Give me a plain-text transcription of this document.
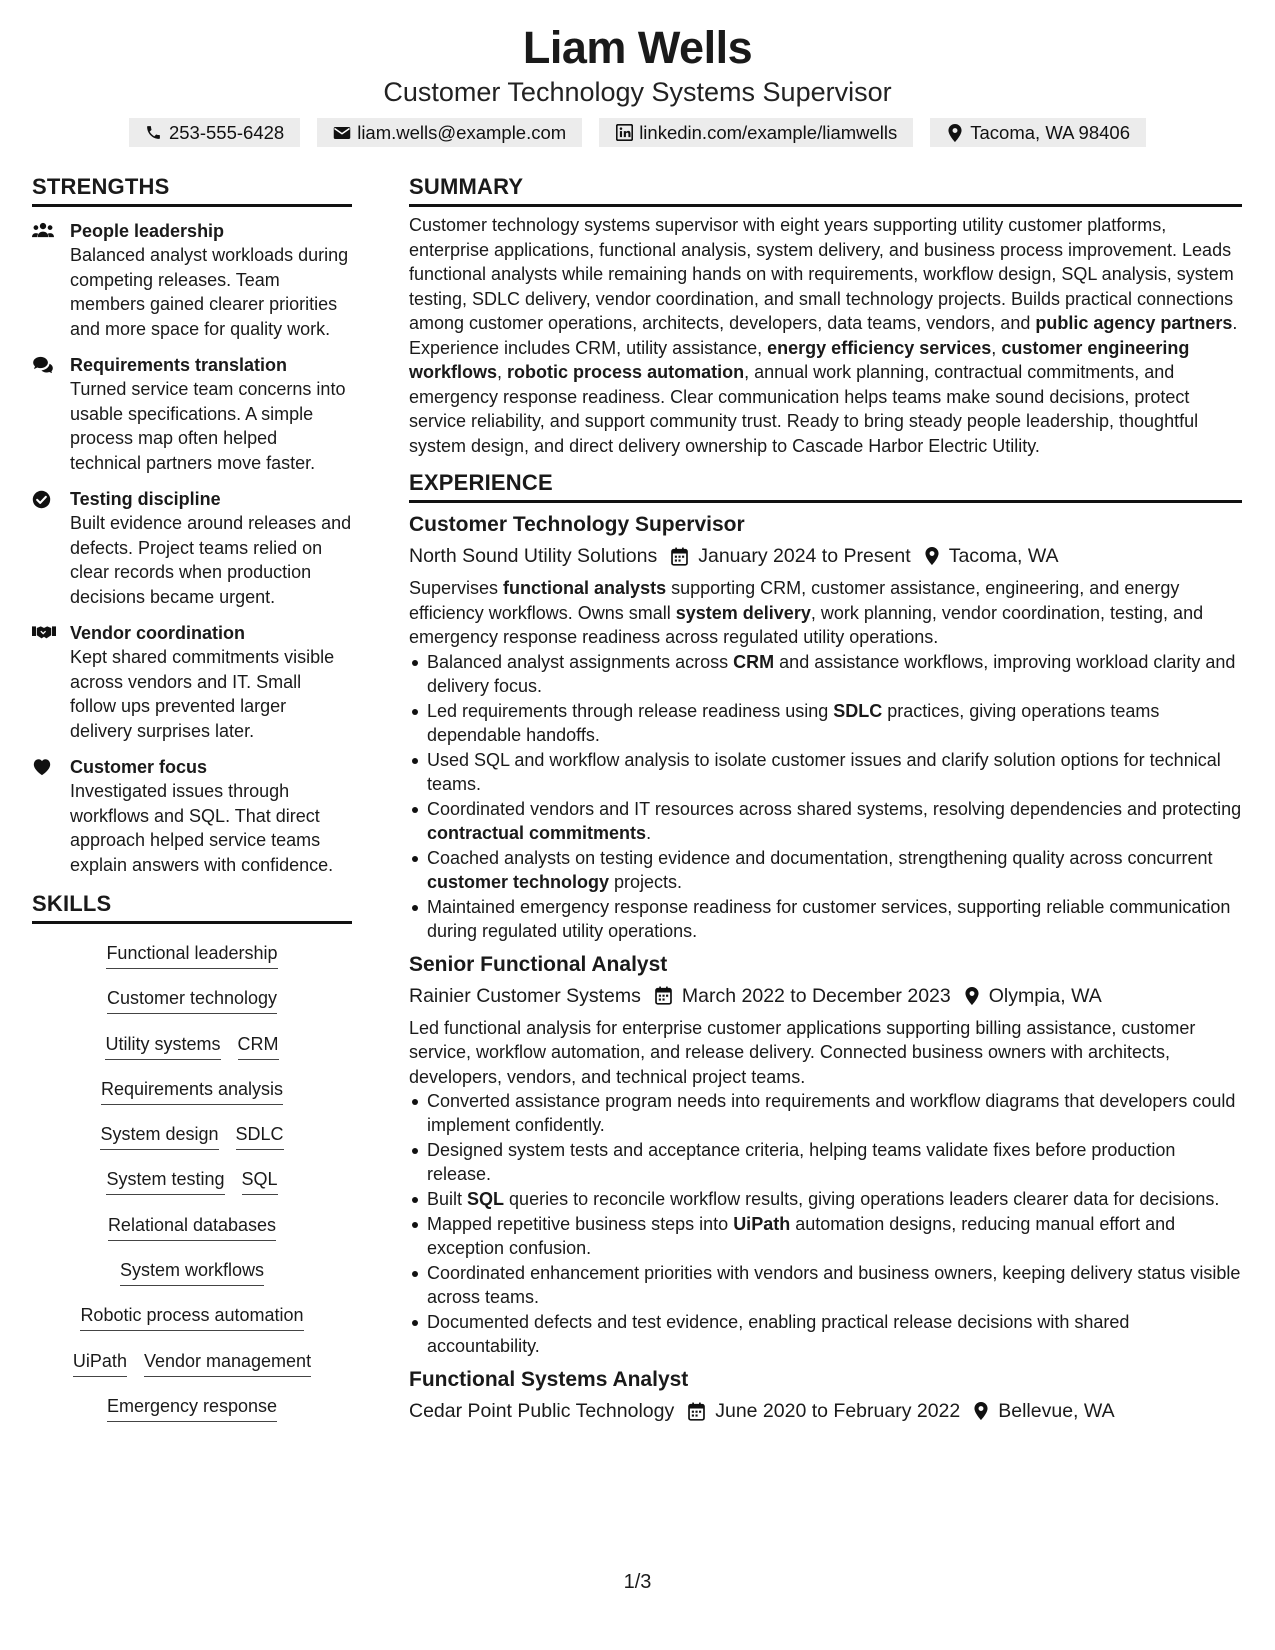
Liam Wells
Customer Technology Systems Supervisor
253-555-6428	liam.wells@example.com	linkedin.com/example/liamwells	Tacoma, WA 98406
STRENGTHS
People leadership
Balanced analyst workloads during competing releases. Team members gained clearer priorities and more space for quality work.
Requirements translation
Turned service team concerns into usable specifications. A simple process map often helped technical partners move faster.
Testing discipline
Built evidence around releases and defects. Project teams relied on clear records when production decisions became urgent.
Vendor coordination
Kept shared commitments visible across vendors and IT. Small follow ups prevented larger delivery surprises later.
Customer focus
Investigated issues through workflows and SQL. That direct approach helped service teams explain answers with confidence.
SKILLS
Functional leadership
Customer technology
Utility systems CRM
Requirements analysis
System design SDLC
System testing SQL
Relational databases
System workflows
Robotic process automation
UiPath Vendor management
Emergency response
SUMMARY
Customer technology systems supervisor with eight years supporting utility customer platforms, enterprise applications, functional analysis, system delivery, and business process improvement. Leads functional analysts while remaining hands on with requirements, workflow design, SQL analysis, system testing, SDLC delivery, vendor coordination, and small technology projects. Builds practical connections among customer operations, architects, developers, data teams, vendors, and public agency partners. Experience includes CRM, utility assistance, energy efficiency services, customer engineering workflows, robotic process automation, annual work planning, contractual commitments, and emergency response readiness. Clear communication helps teams make sound decisions, protect service reliability, and support community trust. Ready to bring steady people leadership, thoughtful system design, and direct delivery ownership to Cascade Harbor Electric Utility.
EXPERIENCE
Customer Technology Supervisor
North Sound Utility Solutions January 2024 to Present Tacoma, WA
Supervises functional analysts supporting CRM, customer assistance, engineering, and energy efficiency workflows. Owns small system delivery, work planning, vendor coordination, testing, and emergency response readiness across regulated utility operations.
Balanced analyst assignments across CRM and assistance workflows, improving workload clarity and delivery focus.
Led requirements through release readiness using SDLC practices, giving operations teams dependable handoffs.
Used SQL and workflow analysis to isolate customer issues and clarify solution options for technical teams.
Coordinated vendors and IT resources across shared systems, resolving dependencies and protecting contractual commitments.
Coached analysts on testing evidence and documentation, strengthening quality across concurrent customer technology projects.
Maintained emergency response readiness for customer services, supporting reliable communication during regulated utility operations.
Senior Functional Analyst
Rainier Customer Systems March 2022 to December 2023 Olympia, WA
Led functional analysis for enterprise customer applications supporting billing assistance, customer service, workflow automation, and release delivery. Connected business owners with architects, developers, vendors, and technical project teams.
Converted assistance program needs into requirements and workflow diagrams that developers could implement confidently.
Designed system tests and acceptance criteria, helping teams validate fixes before production release.
Built SQL queries to reconcile workflow results, giving operations leaders clearer data for decisions.
Mapped repetitive business steps into UiPath automation designs, reducing manual effort and exception confusion.
Coordinated enhancement priorities with vendors and business owners, keeping delivery status visible across teams.
Documented defects and test evidence, enabling practical release decisions with shared accountability.
Functional Systems Analyst
Cedar Point Public Technology June 2020 to February 2022 Bellevue, WA
1/3
